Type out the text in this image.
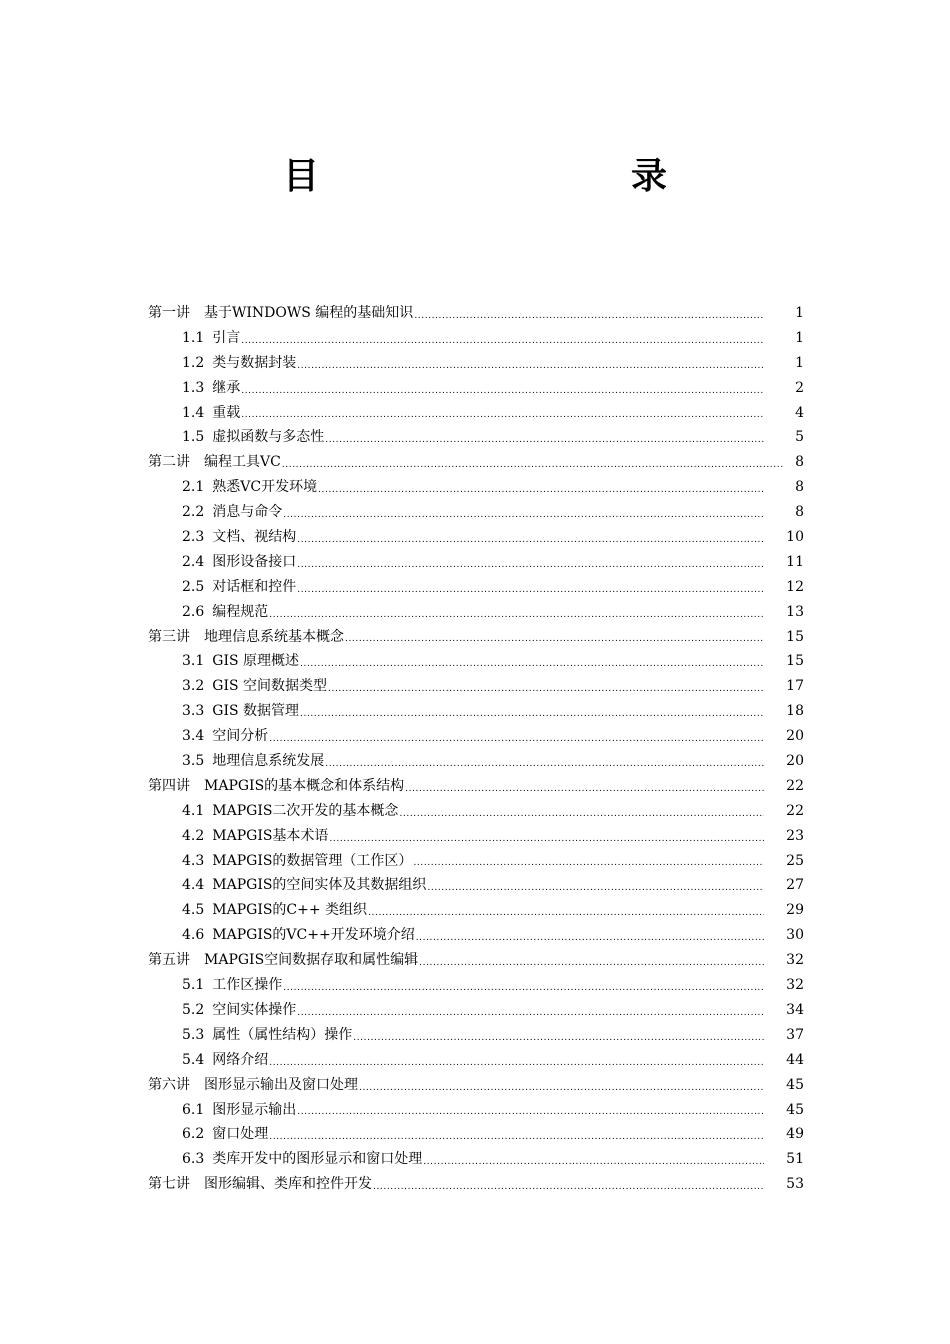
目　　录
第一讲 基于WINDOWS 编程的基础知识 .....	1
1.1 引言 .....	1
1.2 类与数据封装 .....	1
1.3 继承 .....	2
1.4 重载 .....	4
1.5 虚拟函数与多态性 .....	5
第二讲 编程工具VC .....	8
2.1 熟悉VC开发环境 .....	8
2.2 消息与命令 .....	8
2.3 文档、视结构 .....	10
2.4 图形设备接口 .....	11
2.5 对话框和控件 .....	12
2.6 编程规范 .....	13
第三讲 地理信息系统基本概念 .....	15
3.1 GIS 原理概述 .....	15
3.2 GIS 空间数据类型 .....	17
3.3 GIS 数据管理 .....	18
3.4 空间分析 .....	20
3.5 地理信息系统发展 .....	20
第四讲 MAPGIS的基本概念和体系结构 .....	22
4.1 MAPGIS二次开发的基本概念 .....	22
4.2 MAPGIS基本术语 .....	23
4.3 MAPGIS的数据管理（工作区） .....	25
4.4 MAPGIS的空间实体及其数据组织 .....	27
4.5 MAPGIS的C++ 类组织 .....	29
4.6 MAPGIS的VC++开发环境介绍 .....	30
第五讲 MAPGIS空间数据存取和属性编辑 .....	32
5.1 工作区操作 .....	32
5.2 空间实体操作 .....	34
5.3 属性（属性结构）操作 .....	37
5.4 网络介绍 .....	44
第六讲 图形显示输出及窗口处理 .....	45
6.1 图形显示输出 .....	45
6.2 窗口处理 .....	49
6.3 类库开发中的图形显示和窗口处理 .....	51
第七讲 图形编辑、类库和控件开发 .....	53
